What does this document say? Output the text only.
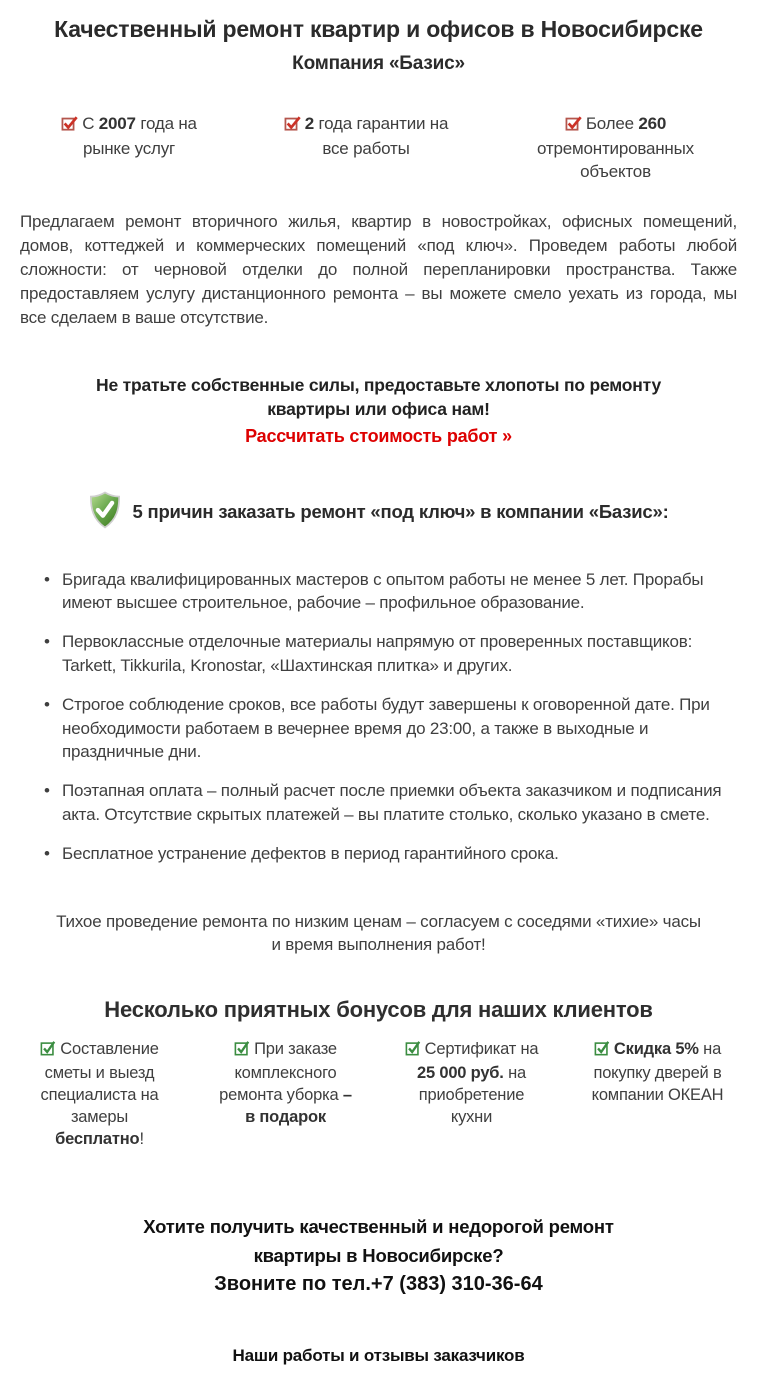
Качественный ремонт квартир и офисов в Новосибирске
Компания «Базис»
С 2007 года на рынке услуг
2 года гарантии на все работы
Более 260 отремонтированных объектов

Предлагаем ремонт вторичного жилья, квартир в новостройках, офисных помещений, домов, коттеджей и коммерческих помещений «под ключ». Проведем работы любой сложности: от черновой отделки до полной перепланировки пространства. Также предоставляем услугу дистанционного ремонта – вы можете смело уехать из города, мы все сделаем в ваше отсутствие.

Не тратьте собственные силы, предоставьте хлопоты по ремонту
квартиры или офиса нам!
Рассчитать стоимость работ »
5 причин заказать ремонт «под ключ» в компании «Базис»:
• Бригада квалифицированных мастеров с опытом работы не менее 5 лет. Прорабы имеют высшее строительное, рабочие – профильное образование.
• Первоклассные отделочные материалы напрямую от проверенных поставщиков: Tarkett, Tikkurila, Kronostar, «Шахтинская плитка» и других.
• Строгое соблюдение сроков, все работы будут завершены к оговоренной дате. При необходимости работаем в вечернее время до 23:00, а также в выходные и праздничные дни.
• Поэтапная оплата – полный расчет после приемки объекта заказчиком и подписания акта. Отсутствие скрытых платежей – вы платите столько, сколько указано в смете.
• Бесплатное устранение дефектов в период гарантийного срока.
Тихое проведение ремонта по низким ценам – согласуем с соседями «тихие» часы
и время выполнения работ!
Несколько приятных бонусов для наших клиентов
Составление сметы и выезд специалиста на замеры бесплатно!
При заказе комплексного ремонта уборка – в подарок
Сертификат на 25 000 руб. на приобретение кухни
Скидка 5% на покупку дверей в компании ОКЕАН
Хотите получить качественный и недорогой ремонт
квартиры в Новосибирске?
Звоните по тел.+7 (383) 310-36-64
Наши работы и отзывы заказчиков
